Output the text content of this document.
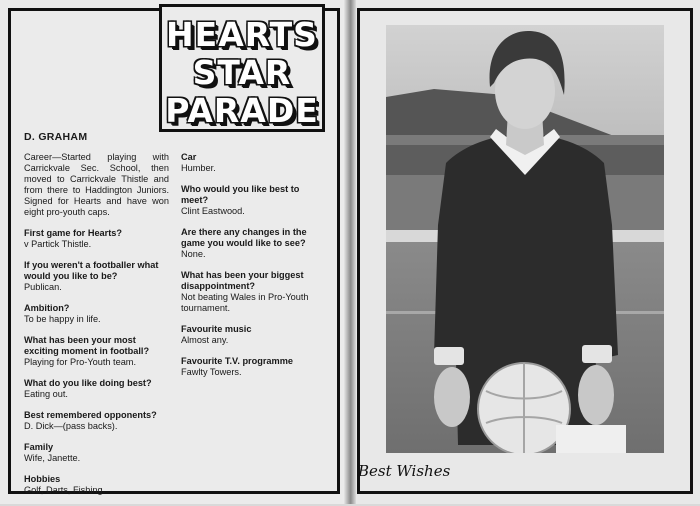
HEARTS
STAR
PARADE
D. GRAHAM
Career—Started playing with Carrickvale Sec. School, then moved to Carrickvale Thistle and from there to Haddington Juniors. Signed for Hearts and have won eight pro-youth caps.
First game for Hearts?
v Partick Thistle.
If you weren't a footballer what would you like to be?
Publican.
Ambition?
To be happy in life.
What has been your most exciting moment in football?
Playing for Pro-Youth team.
What do you like doing best?
Eating out.
Best remembered opponents?
D. Dick—(pass backs).
Family
Wife, Janette.
Hobbies
Golf, Darts, Fishing.
Car
Humber.
Who would you like best to meet?
Clint Eastwood.
Are there any changes in the game you would like to see?
None.
What has been your biggest disappointment?
Not beating Wales in Pro-Youth tournament.
Favourite music
Almost any.
Favourite T.V. programme
Fawlty Towers.
Best Wishes
